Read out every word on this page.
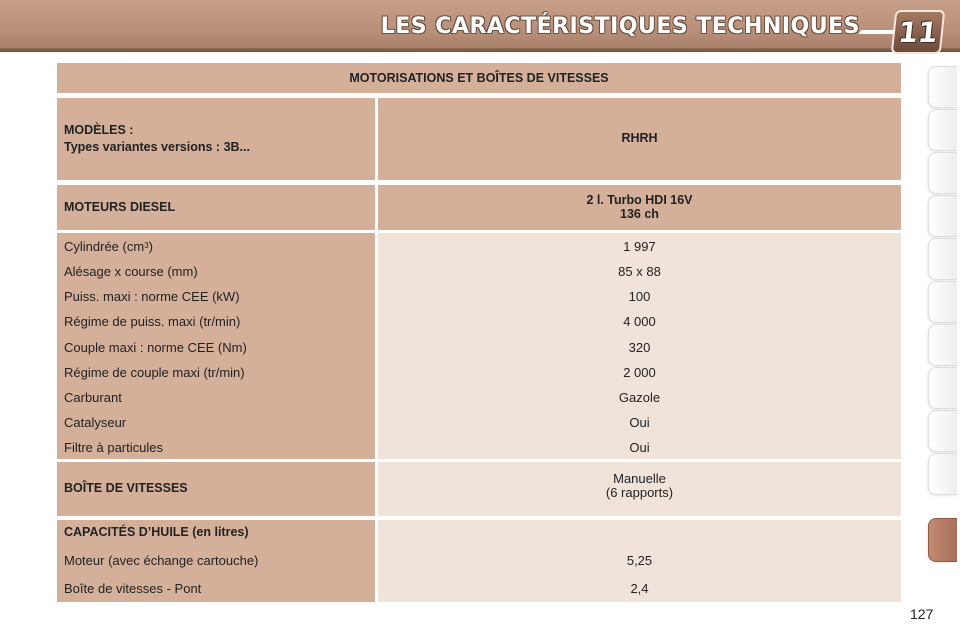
LES CARACTÉRISTIQUES TECHNIQUES 11
MOTORISATIONS ET BOÎTES DE VITESSES
MODÈLES :
Types variantes versions : 3B...
RHRH
MOTEURS DIESEL	2 l. Turbo HDI 16V
136 ch
Cylindrée (cm 3 )
Alésage x course (mm)
Puiss. maxi : norme CEE (kW)
Régime de puiss. maxi (tr/min)
Couple maxi : norme CEE (Nm)
Régime de couple maxi (tr/min)
Carburant
Catalyseur
Filtre à particules
1 997
85 x 88
100
4 000
320
2 000
Gazole
Oui
Oui
BOÎTE DE VITESSES
Manuelle
(6 rapports)
CAPACITÉS D’HUILE (en litres)
Moteur (avec échange cartouche)
Boîte de vitesses - Pont
5,25
2,4
127
